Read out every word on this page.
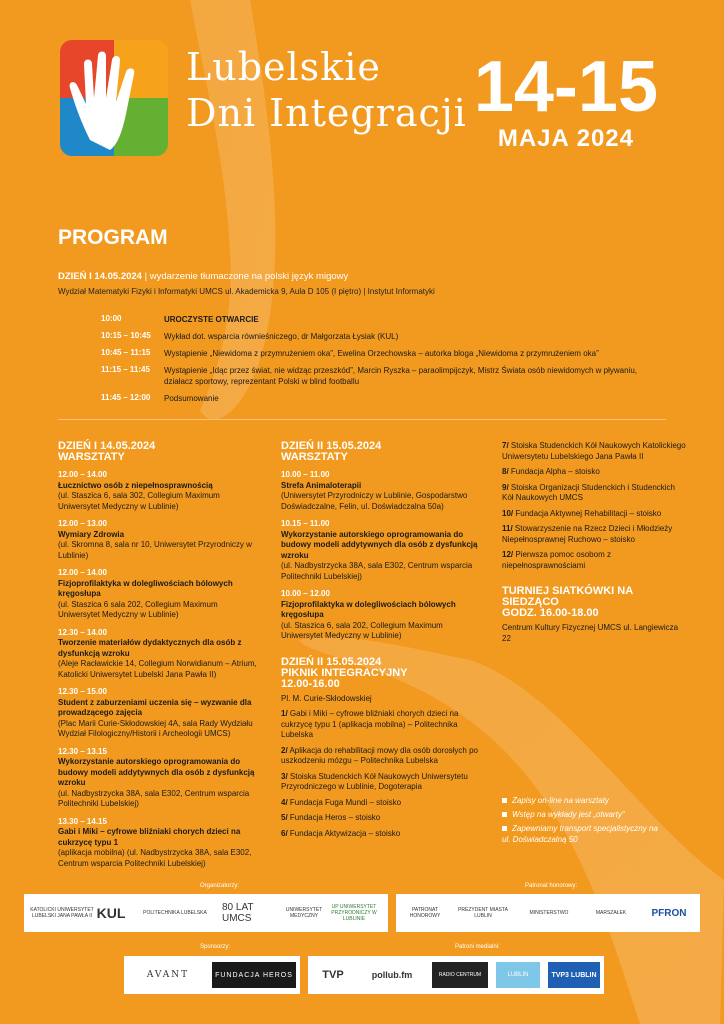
Lubelskie
Dni Integracji 14-15
MAJA 2024
PROGRAM
DZIEŃ I 14.05.2024 | wydarzenie tłumaczone na polski język migowy
Wydział Matematyki Fizyki i Informatyki UMCS ul. Akademicka 9, Aula D 105 (I piętro) | Instytut Informatyki
10:00	UROCZYSTE OTWARCIE
10:15 – 10:45	Wykład dot. wsparcia równieśniczego, dr Małgorzata Łysiak (KUL)
10:45 – 11:15	Wystąpienie „Niewidoma z przymrużeniem oka”, Ewelina Orzechowska – autorka bloga „Niewidoma z przymrużeniem oka”
11:15 – 11:45	Wystąpienie „Idąc przez świat, nie widząc przeszkód”, Marcin Ryszka – paraolimpijczyk, Mistrz Świata osób niewidomych w pływaniu, działacz sportowy, reprezentant Polski w blind footballu
11:45 – 12:00	Podsumowanie
DZIEŃ I 14.05.2024
WARSZTATY
12.00 – 14.00
Łucznictwo osób z niepełnosprawnością

(ul. Staszica 6, sala 302, Collegium Maximum Uniwersytet Medyczny w Lublinie)

12.00 – 13.00
Wymiary Zdrowia

(ul. Skromna 8, sala nr 10, Uniwersytet Przyrodniczy w Lublinie)

12.00 – 14.00
Fizjoprofilaktyka w dolegliwościach bólowych kręgosłupa

(ul. Staszica 6 sala 202, Collegium Maximum Uniwersytet Medyczny w Lublinie)

12.30 – 14.00
Tworzenie materiałów dydaktycznych dla osób z dysfunkcją wzroku

(Aleje Racławickie 14, Collegium Norwidianum – Atrium, Katolicki Uniwersytet Lubelski Jana Pawła II)

12.30 – 15.00
Student z zaburzeniami uczenia się – wyzwanie dla prowadzącego zajęcia

(Plac Marii Curie-Skłodowskiej 4A, sala Rady Wydziału Wydział Filologiczny/Historii i Archeologii UMCS)

12.30 – 13.15
Wykorzystanie autorskiego oprogramowania do budowy modeli addytywnych dla osób z dysfunkcją wzroku

(ul. Nadbystrzycka 38A, sala E302, Centrum wsparcia Politechniki Lubelskiej)

13.30 – 14.15
Gabi i Miki – cyfrowe bliźniaki chorych dzieci na cukrzycę typu 1

(aplikacja mobilna) (ul. Nadbystrzycka 38A, sala E302, Centrum wsparcia Politechniki Lubelskiej)

DZIEŃ II 15.05.2024
WARSZTATY
10.00 – 11.00
Strefa Animaloterapii

(Uniwersytet Przyrodniczy w Lublinie, Gospodarstwo Doświadczalne, Felin, ul. Doświadczalna 50a)

10.15 – 11.00
Wykorzystanie autorskiego oprogramowania do budowy modeli addytywnych dla osób z dysfunkcją wzroku

(ul. Nadbystrzycka 38A, sala E302, Centrum wsparcia Politechniki Lubelskiej)

10.00 – 12.00
Fizjoprofilaktyka w dolegliwościach bólowych kręgosłupa

(ul. Staszica 6, sala 202, Collegium Maximum Uniwersytet Medyczny w Lublinie)

DZIEŃ II 15.05.2024
PIKNIK INTEGRACYJNY
12.00-16.00

Pl. M. Curie-Skłodowskiej

1/ Gabi i Miki – cyfrowe bliźniaki chorych dzieci na cukrzycę typu 1 (aplikacja mobilna) – Politechnika Lubelska
2/ Aplikacja do rehabilitacji mowy dla osób dorosłych po uszkodzeniu mózgu – Politechnika Lubelska
3/ Stoiska Studenckich Kół Naukowych Uniwersytetu Przyrodniczego w Lublinie, Dogoterapia
4/ Fundacja Fuga Mundi – stoisko
5/ Fundacja Heros – stoisko
6/ Fundacja Aktywizacja – stoisko
7/ Stoiska Studenckich Kół Naukowych Katolickiego Uniwersytetu Lubelskiego Jana Pawła II
8/ Fundacja Alpha – stoisko
9/ Stoiska Organizacji Studenckich i Studenckich Kół Naukowych UMCS
10/ Fundacja Aktywnej Rehabilitacji – stoisko
11/ Stowarzyszenie na Rzecz Dzieci i Młodzieży Niepełnosprawnej Ruchowo – stoisko
12/ Pierwsza pomoc osobom z niepełnosprawnościami
TURNIEJ SIATKÓWKI NA SIEDZĄCO
GODZ. 16.00-18.00

Centrum Kultury Fizycznej UMCS ul. Langiewicza 22

Zapisy on-line na warsztaty
Wstęp na wykłady jest „otwarty”
Zapewniamy transport specjalistyczny na ul. Doświadczalną 50
Organizatorzy:	Patronat honorowy:
KATOLICKI UNIWERSYTET LUBELSKI JANA PAWŁA II KUL	POLITECHNIKA LUBELSKA 80 LAT UMCS
UNIWERSYTET MEDYCZNY
UP UNIWERSYTET PRZYRODNICZY W LUBLINIE
PATRONAT HONOROWY
PREZYDENT MIASTA LUBLIN	MINISTERSTWO	MARSZAŁEK	PFRON
Sponsorzy:	Patroni medialni:
AVANT	FUNDACJA HEROS	TVP	pollub.fm	RADIO CENTRUM	LUBLIN	TVP3 LUBLIN
